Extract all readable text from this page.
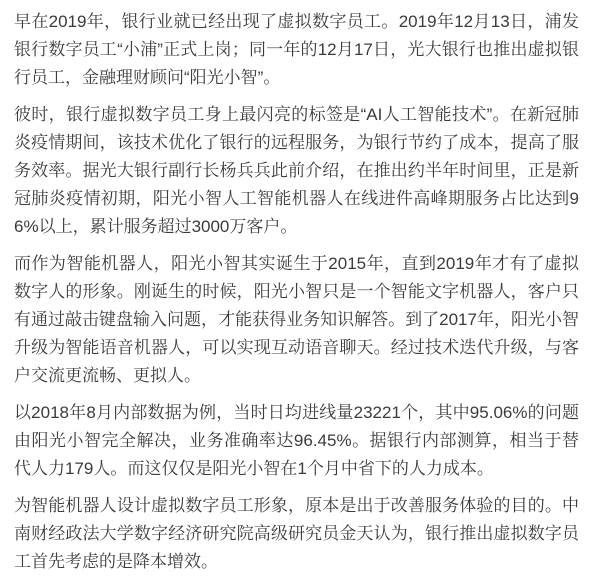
早在2019年，银行业就已经出现了虚拟数字员工。2019年12月13日，浦发银行数字员工“小浦”正式上岗；同一年的12月17日，光大银行也推出虚拟银行员工，金融理财顾问“阳光小智”。

彼时，银行虚拟数字员工身上最闪亮的标签是“AI人工智能技术”。在新冠肺炎疫情期间，该技术优化了银行的远程服务，为银行节约了成本，提高了服务效率。据光大银行副行长杨兵兵此前介绍，在推出约半年时间里，正是新冠肺炎疫情初期，阳光小智人工智能机器人在线进件高峰期服务占比达到96%以上，累计服务超过3000万客户。

而作为智能机器人，阳光小智其实诞生于2015年，直到2019年才有了虚拟数字人的形象。刚诞生的时候，阳光小智只是一个智能文字机器人，客户只有通过敲击键盘输入问题，才能获得业务知识解答。到了2017年，阳光小智升级为智能语音机器人，可以实现互动语音聊天。经过技术迭代升级，与客户交流更流畅、更拟人。

以2018年8月内部数据为例，当时日均进线量23221个，其中95.06%的问题由阳光小智完全解决，业务准确率达96.45%。据银行内部测算，相当于替代人力179人。而这仅仅是阳光小智在1个月中省下的人力成本。

为智能机器人设计虚拟数字员工形象，原本是出于改善服务体验的目的。中南财经政法大学数字经济研究院高级研究员金天认为，银行推出虚拟数字员工首先考虑的是降本增效。
